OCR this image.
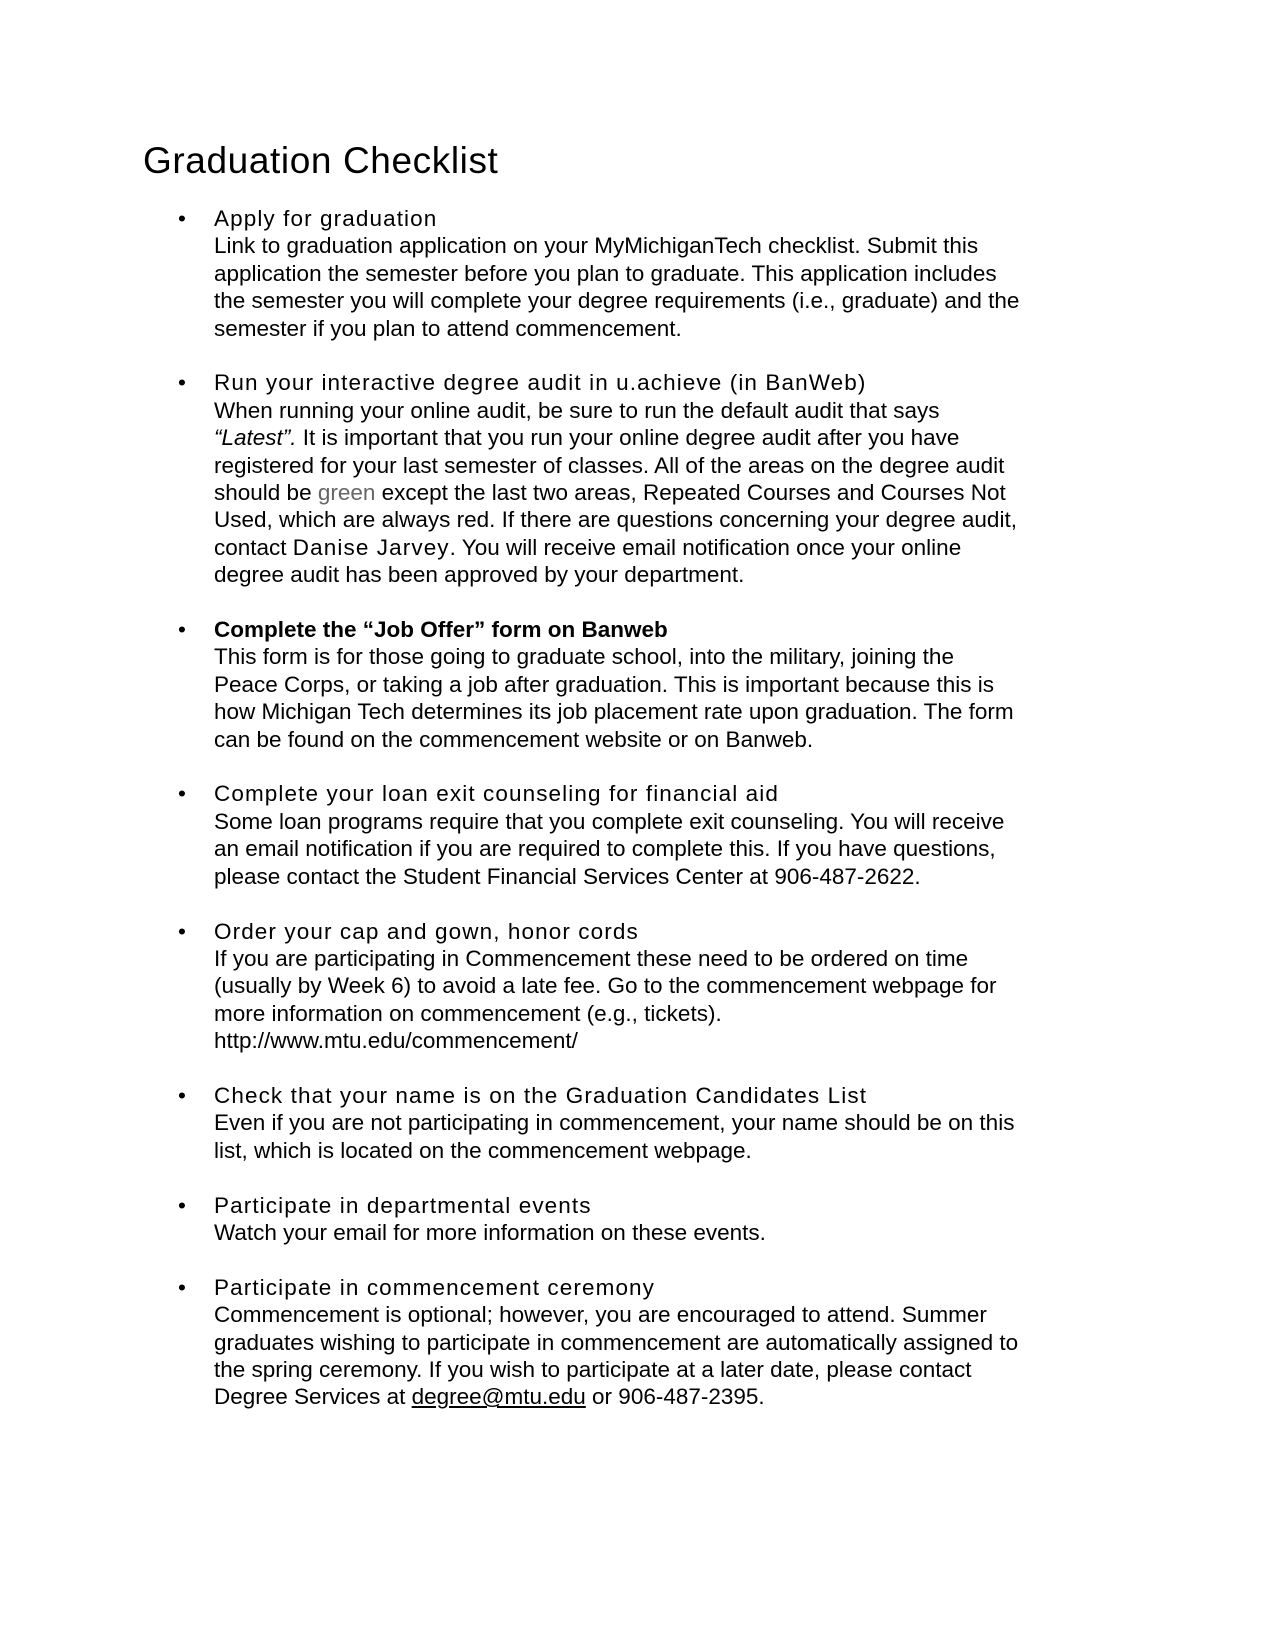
Graduation Checklist
• Apply for graduation
Link to graduation application on your MyMichiganTech checklist. Submit this
application the semester before you plan to graduate. This application includes
the semester you will complete your degree requirements (i.e., graduate) and the
semester if you plan to attend commencement.
• Run your interactive degree audit in u.achieve (in BanWeb)
When running your online audit, be sure to run the default audit that says
“Latest”. It is important that you run your online degree audit after you have
registered for your last semester of classes. All of the areas on the degree audit
should be green except the last two areas, Repeated Courses and Courses Not
Used, which are always red. If there are questions concerning your degree audit,
contact Danise Jarvey. You will receive email notification once your online
degree audit has been approved by your department.
• Complete the “Job Offer” form on Banweb
This form is for those going to graduate school, into the military, joining the
Peace Corps, or taking a job after graduation. This is important because this is
how Michigan Tech determines its job placement rate upon graduation. The form
can be found on the commencement website or on Banweb.
• Complete your loan exit counseling for financial aid
Some loan programs require that you complete exit counseling. You will receive
an email notification if you are required to complete this. If you have questions,
please contact the Student Financial Services Center at 906-487-2622.
• Order your cap and gown, honor cords
If you are participating in Commencement these need to be ordered on time
(usually by Week 6) to avoid a late fee. Go to the commencement webpage for
more information on commencement (e.g., tickets).
http://www.mtu.edu/commencement/
• Check that your name is on the Graduation Candidates List
Even if you are not participating in commencement, your name should be on this
list, which is located on the commencement webpage.
• Participate in departmental events
Watch your email for more information on these events.
• Participate in commencement ceremony
Commencement is optional; however, you are encouraged to attend. Summer
graduates wishing to participate in commencement are automatically assigned to
the spring ceremony. If you wish to participate at a later date, please contact
Degree Services at degree@mtu.edu or 906-487-2395.
